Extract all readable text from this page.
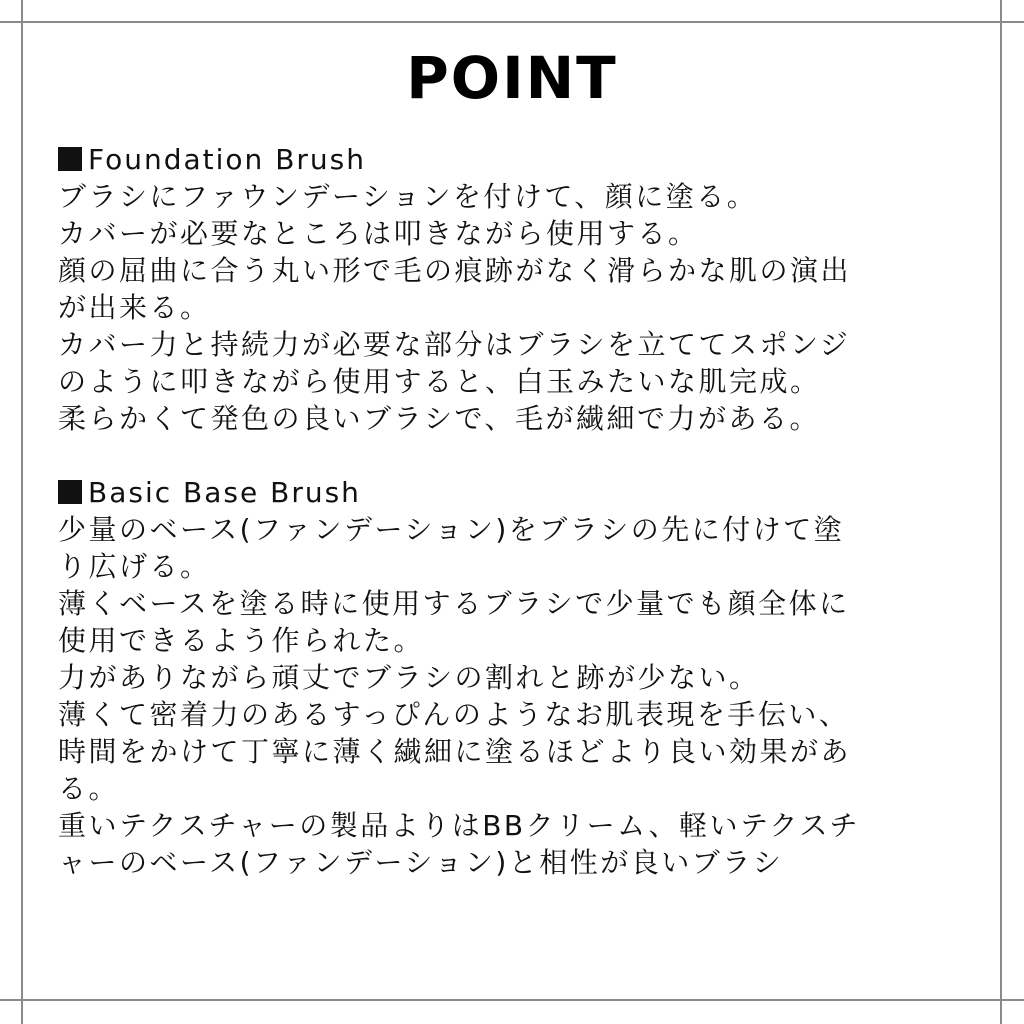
POINT
Foundation Brush
ブラシにファウンデーションを付けて、顔に塗る。
カバーが必要なところは叩きながら使用する。
顔の屈曲に合う丸い形で毛の痕跡がなく滑らかな肌の演出
が出来る。
カバー力と持続力が必要な部分はブラシを立ててスポンジ
のように叩きながら使用すると、白玉みたいな肌完成。
柔らかくて発色の良いブラシで、毛が繊細で力がある。
Basic Base Brush
少量のベース(ファンデーション)をブラシの先に付けて塗
り広げる。
薄くベースを塗る時に使用するブラシで少量でも顔全体に
使用できるよう作られた。
力がありながら頑丈でブラシの割れと跡が少ない。
薄くて密着力のあるすっぴんのようなお肌表現を手伝い、
時間をかけて丁寧に薄く繊細に塗るほどより良い効果があ
る。
重いテクスチャーの製品よりはBBクリーム、軽いテクスチ
ャーのベース(ファンデーション)と相性が良いブラシ
